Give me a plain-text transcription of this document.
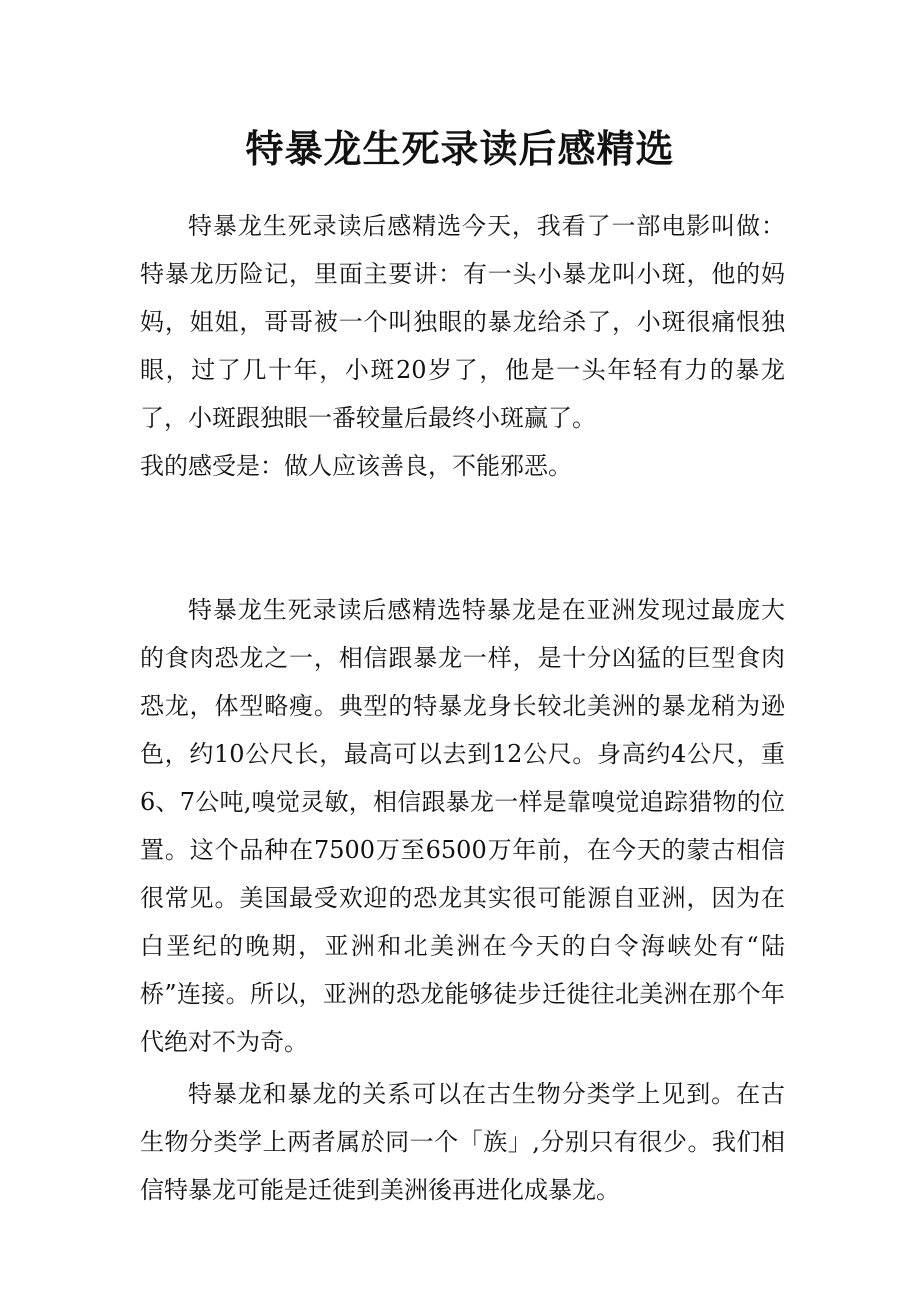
特暴龙生死录读后感精选

特暴龙生死录读后感精选今天，我看了一部电影叫做：特暴龙历险记，里面主要讲：有一头小暴龙叫小斑，他的妈妈，姐姐，哥哥被一个叫独眼的暴龙给杀了，小斑很痛恨独眼，过了几十年，小斑20岁了，他是一头年轻有力的暴龙了，小斑跟独眼一番较量后最终小斑赢了。

我的感受是：做人应该善良，不能邪恶。

特暴龙生死录读后感精选特暴龙是在亚洲发现过最庞大的食肉恐龙之一，相信跟暴龙一样，是十分凶猛的巨型食肉恐龙，体型略瘦。典型的特暴龙身长较北美洲的暴龙稍为逊色，约10公尺长，最高可以去到12公尺。身高约4公尺，重6、7公吨,嗅觉灵敏，相信跟暴龙一样是靠嗅觉追踪猎物的位置。这个品种在7500万至6500万年前，在今天的蒙古相信很常见。美国最受欢迎的恐龙其实很可能源自亚洲，因为在白垩纪的晚期，亚洲和北美洲在今天的白令海峡处有“陆桥”连接。所以，亚洲的恐龙能够徒步迁徙往北美洲在那个年代绝对不为奇。

特暴龙和暴龙的关系可以在古生物分类学上见到。在古生物分类学上两者属於同一个「族」,分别只有很少。我们相信特暴龙可能是迁徙到美洲後再进化成暴龙。
